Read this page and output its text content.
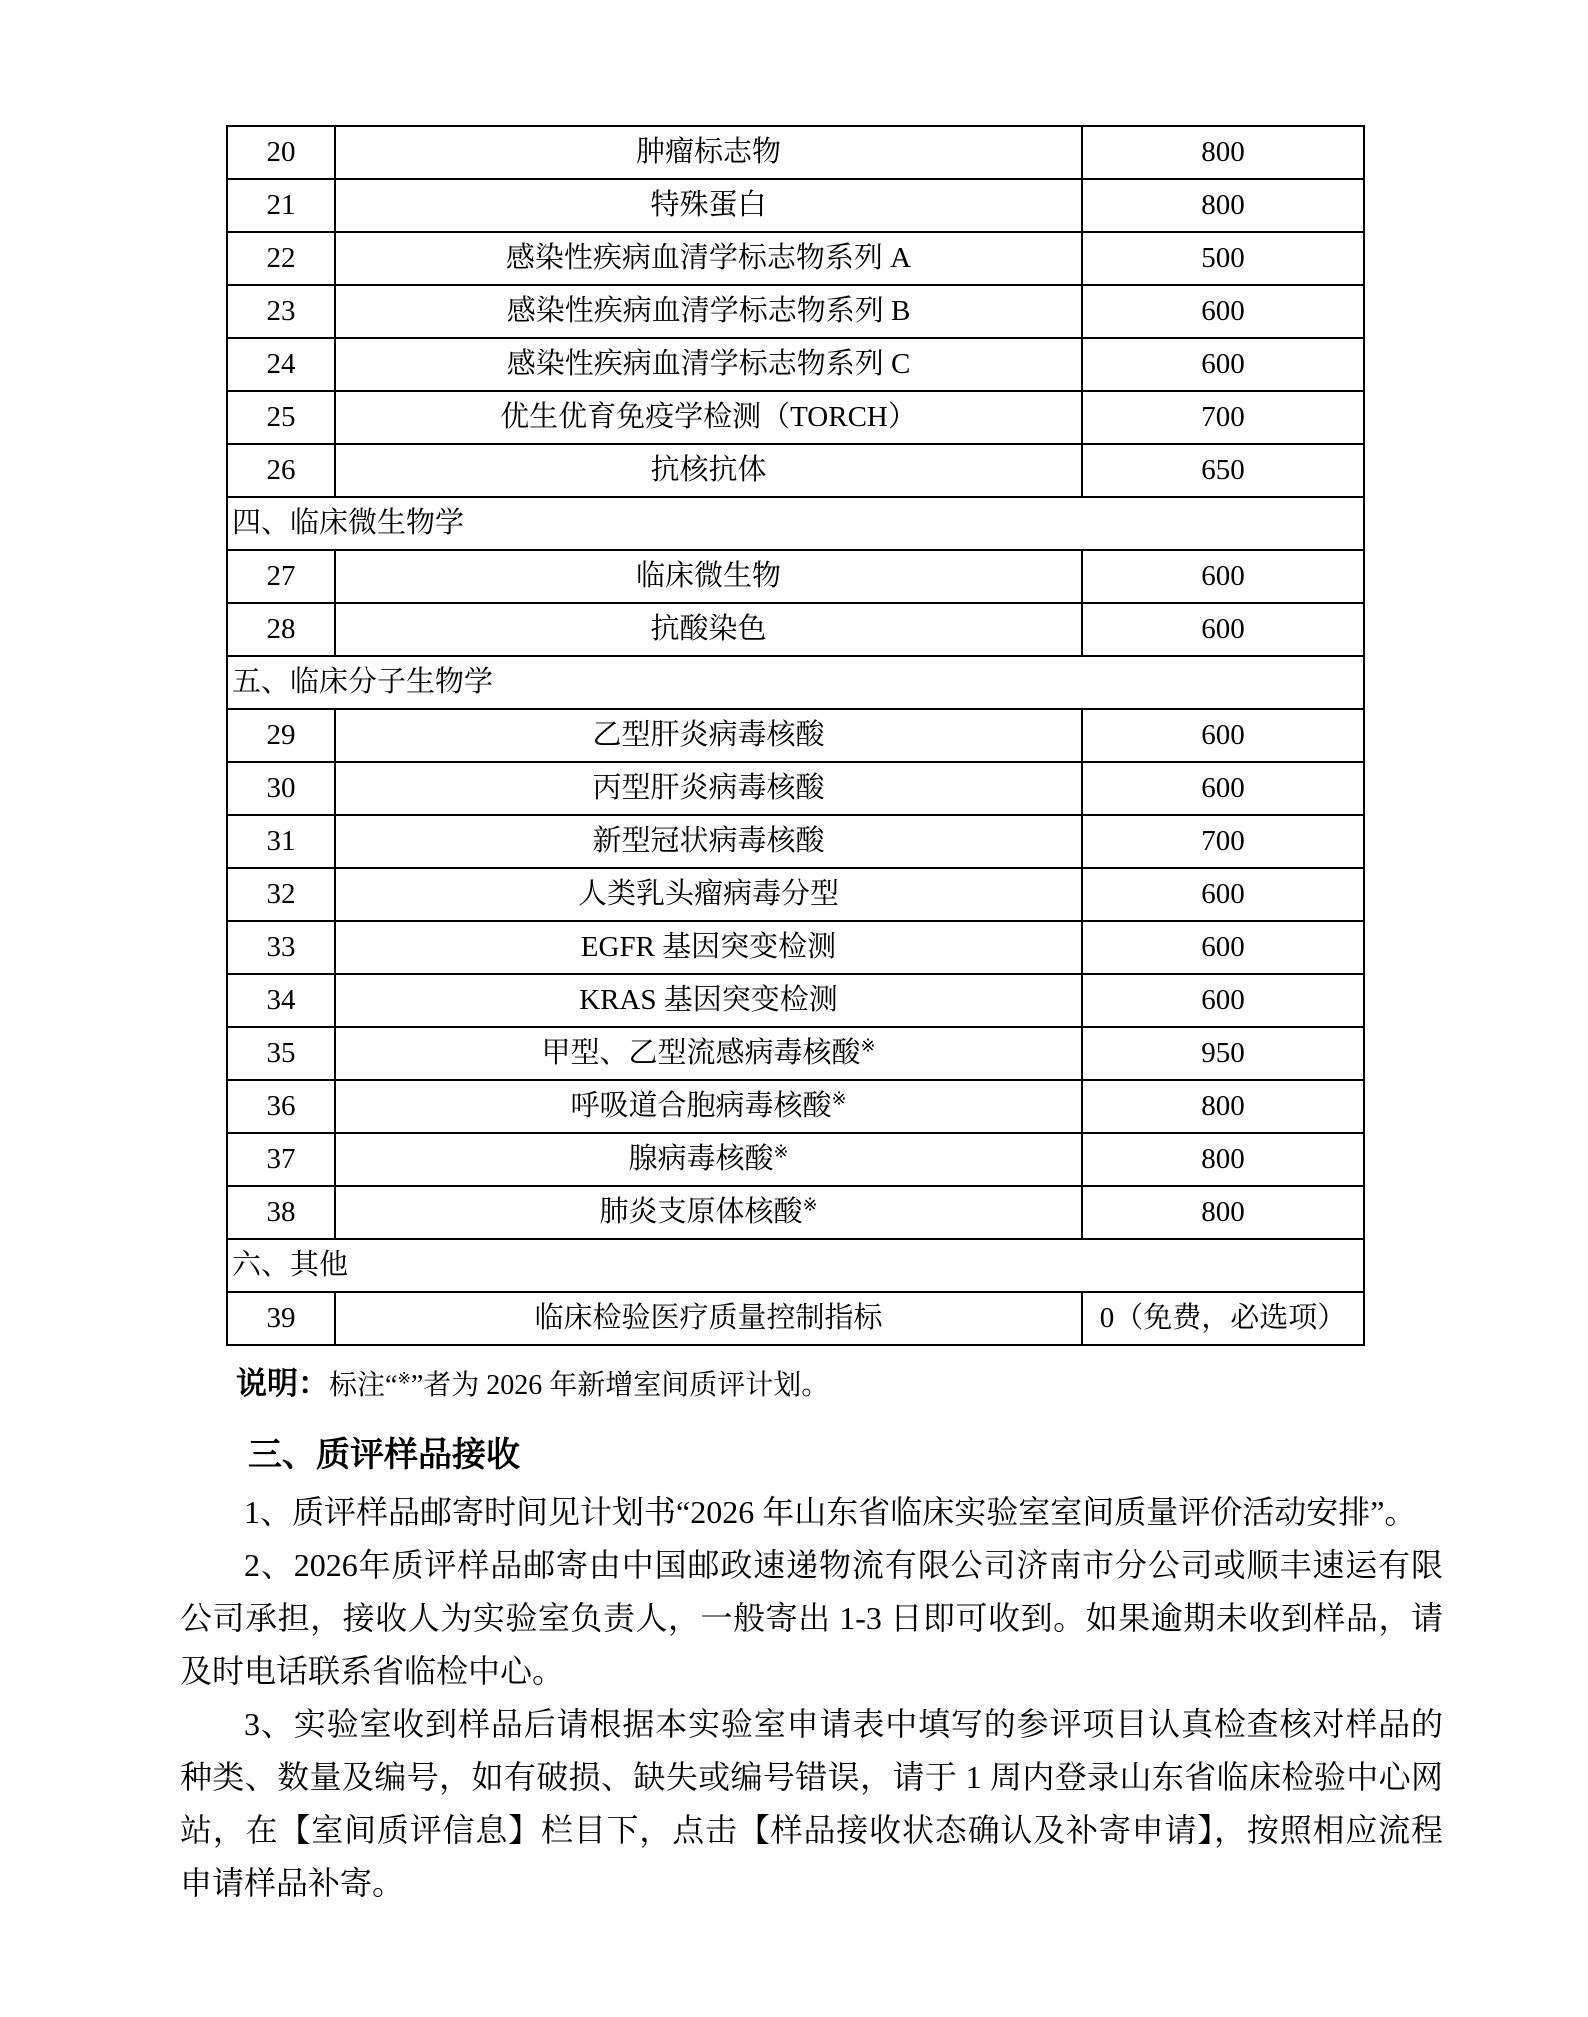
20	肿瘤标志物	800
21	特殊蛋白	800
22	感染性疾病血清学标志物系列 A	500
23	感染性疾病血清学标志物系列 B	600
24	感染性疾病血清学标志物系列 C	600
25	优生优育免疫学检测（TORCH）	700
26	抗核抗体	650
四、临床微生物学		
27	临床微生物	600
28	抗酸染色	600
五、临床分子生物学		
29	乙型肝炎病毒核酸	600
30	丙型肝炎病毒核酸	600
31	新型冠状病毒核酸	700
32	人类乳头瘤病毒分型	600
33	EGFR 基因突变检测	600
34	KRAS 基因突变检测	600
35	甲型、乙型流感病毒核酸※	950
36	呼吸道合胞病毒核酸※	800
37	腺病毒核酸※	800
38	肺炎支原体核酸※	800
六、其他		
39	临床检验医疗质量控制指标	0（免费，必选项）

说明：标注“※”者为 2026 年新增室间质评计划。

三、质评样品接收

1、质评样品邮寄时间见计划书“2026 年山东省临床实验室室间质量评价活动安排”。

2、2026年质评样品邮寄由中国邮政速递物流有限公司济南市分公司或顺丰速运有限公司承担，接收人为实验室负责人，一般寄出 1-3 日即可收到。如果逾期未收到样品，请及时电话联系省临检中心。

3、实验室收到样品后请根据本实验室申请表中填写的参评项目认真检查核对样品的种类、数量及编号，如有破损、缺失或编号错误，请于 1 周内登录山东省临床检验中心网站，在【室间质评信息】栏目下，点击【样品接收状态确认及补寄申请】，按照相应流程申请样品补寄。
